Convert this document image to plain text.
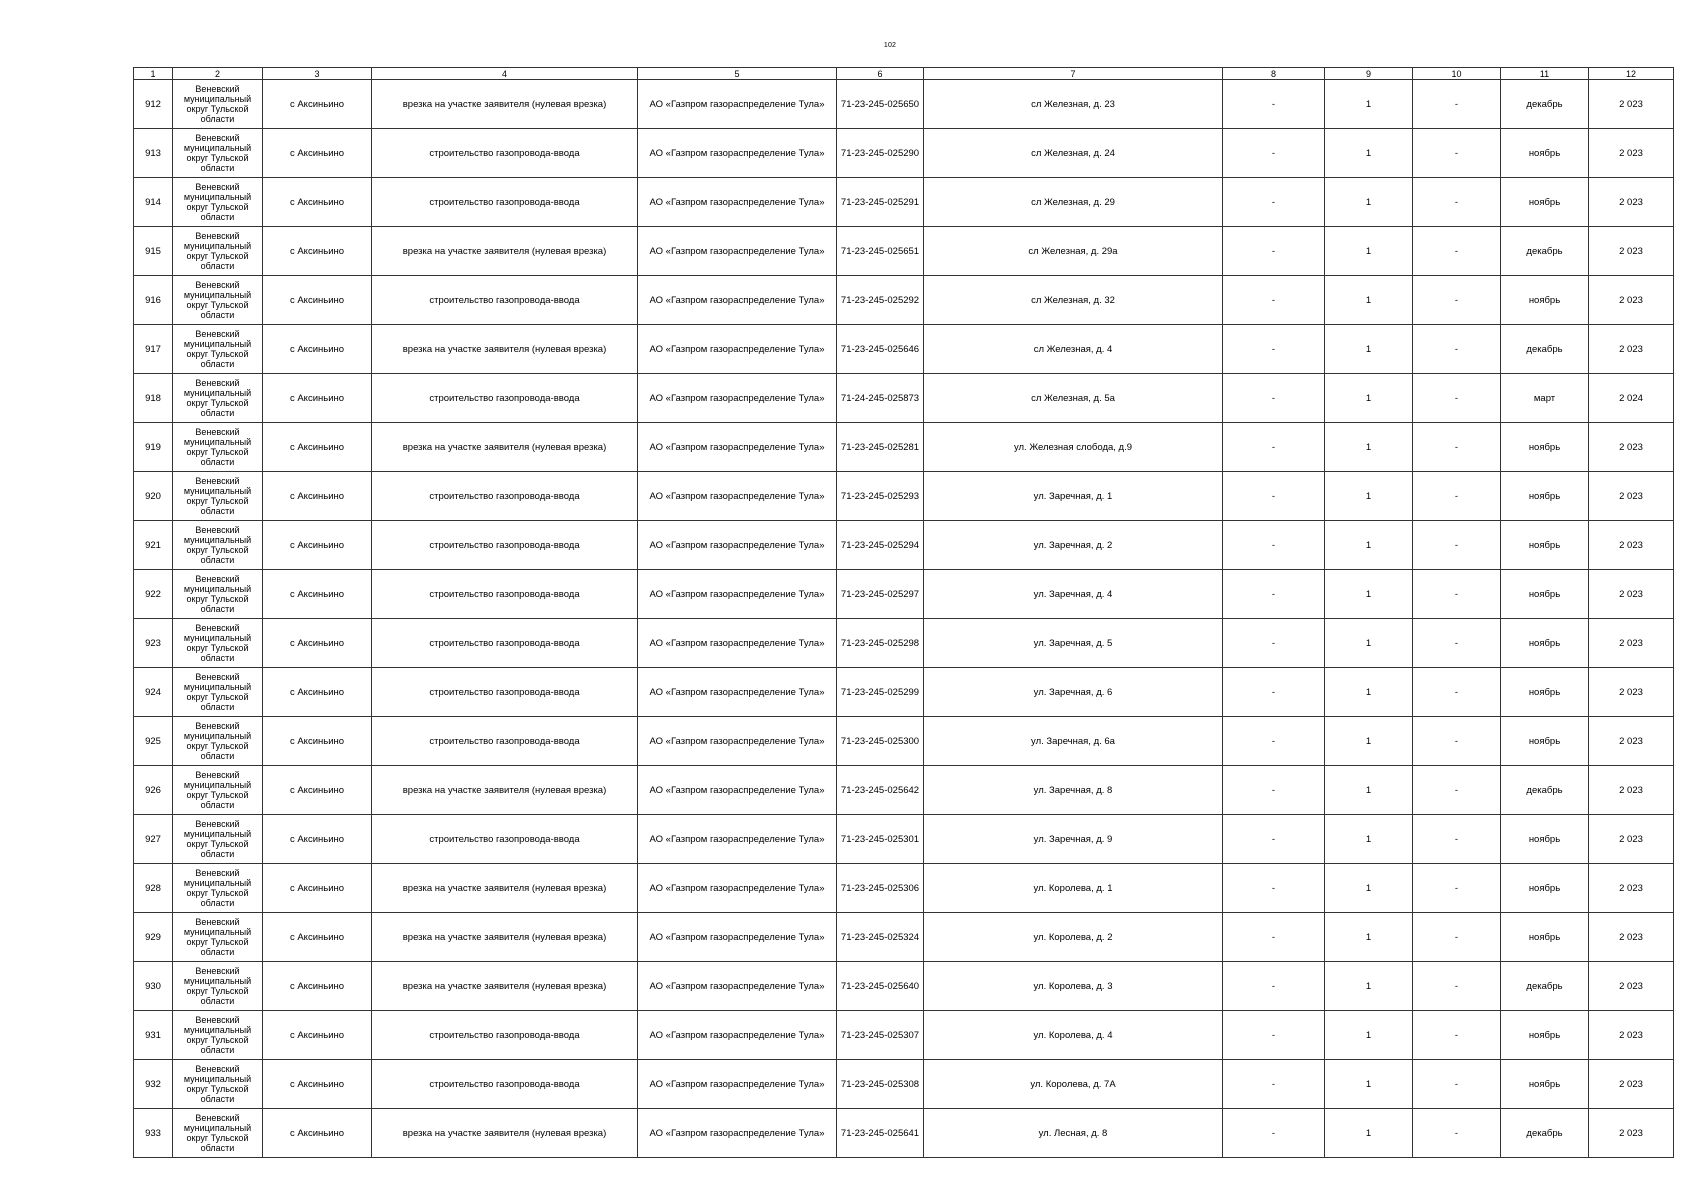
102
1	2	3	4	5	6	7	8	9	10	11	12
912	Веневский муниципальный округ Тульской области	с Аксиньино	врезка на участке заявителя (нулевая врезка)	АО «Газпром газораспределение Тула»	71-23-245-025650	сл Железная, д. 23	-	1	-	декабрь	2 023
913	Веневский муниципальный округ Тульской области	с Аксиньино	строительство газопровода-ввода	АО «Газпром газораспределение Тула»	71-23-245-025290	сл Железная, д. 24	-	1	-	ноябрь	2 023
914	Веневский муниципальный округ Тульской области	с Аксиньино	строительство газопровода-ввода	АО «Газпром газораспределение Тула»	71-23-245-025291	сл Железная, д. 29	-	1	-	ноябрь	2 023
915	Веневский муниципальный округ Тульской области	с Аксиньино	врезка на участке заявителя (нулевая врезка)	АО «Газпром газораспределение Тула»	71-23-245-025651	сл Железная, д. 29а	-	1	-	декабрь	2 023
916	Веневский муниципальный округ Тульской области	с Аксиньино	строительство газопровода-ввода	АО «Газпром газораспределение Тула»	71-23-245-025292	сл Железная, д. 32	-	1	-	ноябрь	2 023
917	Веневский муниципальный округ Тульской области	с Аксиньино	врезка на участке заявителя (нулевая врезка)	АО «Газпром газораспределение Тула»	71-23-245-025646	сл Железная, д. 4	-	1	-	декабрь	2 023
918	Веневский муниципальный округ Тульской области	с Аксиньино	строительство газопровода-ввода	АО «Газпром газораспределение Тула»	71-24-245-025873	сл Железная, д. 5а	-	1	-	март	2 024
919	Веневский муниципальный округ Тульской области	с Аксиньино	врезка на участке заявителя (нулевая врезка)	АО «Газпром газораспределение Тула»	71-23-245-025281	ул. Железная слобода, д.9	-	1	-	ноябрь	2 023
920	Веневский муниципальный округ Тульской области	с Аксиньино	строительство газопровода-ввода	АО «Газпром газораспределение Тула»	71-23-245-025293	ул. Заречная, д. 1	-	1	-	ноябрь	2 023
921	Веневский муниципальный округ Тульской области	с Аксиньино	строительство газопровода-ввода	АО «Газпром газораспределение Тула»	71-23-245-025294	ул. Заречная, д. 2	-	1	-	ноябрь	2 023
922	Веневский муниципальный округ Тульской области	с Аксиньино	строительство газопровода-ввода	АО «Газпром газораспределение Тула»	71-23-245-025297	ул. Заречная, д. 4	-	1	-	ноябрь	2 023
923	Веневский муниципальный округ Тульской области	с Аксиньино	строительство газопровода-ввода	АО «Газпром газораспределение Тула»	71-23-245-025298	ул. Заречная, д. 5	-	1	-	ноябрь	2 023
924	Веневский муниципальный округ Тульской области	с Аксиньино	строительство газопровода-ввода	АО «Газпром газораспределение Тула»	71-23-245-025299	ул. Заречная, д. 6	-	1	-	ноябрь	2 023
925	Веневский муниципальный округ Тульской области	с Аксиньино	строительство газопровода-ввода	АО «Газпром газораспределение Тула»	71-23-245-025300	ул. Заречная, д. 6а	-	1	-	ноябрь	2 023
926	Веневский муниципальный округ Тульской области	с Аксиньино	врезка на участке заявителя (нулевая врезка)	АО «Газпром газораспределение Тула»	71-23-245-025642	ул. Заречная, д. 8	-	1	-	декабрь	2 023
927	Веневский муниципальный округ Тульской области	с Аксиньино	строительство газопровода-ввода	АО «Газпром газораспределение Тула»	71-23-245-025301	ул. Заречная, д. 9	-	1	-	ноябрь	2 023
928	Веневский муниципальный округ Тульской области	с Аксиньино	врезка на участке заявителя (нулевая врезка)	АО «Газпром газораспределение Тула»	71-23-245-025306	ул. Королева, д. 1	-	1	-	ноябрь	2 023
929	Веневский муниципальный округ Тульской области	с Аксиньино	врезка на участке заявителя (нулевая врезка)	АО «Газпром газораспределение Тула»	71-23-245-025324	ул. Королева, д. 2	-	1	-	ноябрь	2 023
930	Веневский муниципальный округ Тульской области	с Аксиньино	врезка на участке заявителя (нулевая врезка)	АО «Газпром газораспределение Тула»	71-23-245-025640	ул. Королева, д. 3	-	1	-	декабрь	2 023
931	Веневский муниципальный округ Тульской области	с Аксиньино	строительство газопровода-ввода	АО «Газпром газораспределение Тула»	71-23-245-025307	ул. Королева, д. 4	-	1	-	ноябрь	2 023
932	Веневский муниципальный округ Тульской области	с Аксиньино	строительство газопровода-ввода	АО «Газпром газораспределение Тула»	71-23-245-025308	ул. Королева, д. 7А	-	1	-	ноябрь	2 023
933	Веневский муниципальный округ Тульской области	с Аксиньино	врезка на участке заявителя (нулевая врезка)	АО «Газпром газораспределение Тула»	71-23-245-025641	ул. Лесная, д. 8	-	1	-	декабрь	2 023
